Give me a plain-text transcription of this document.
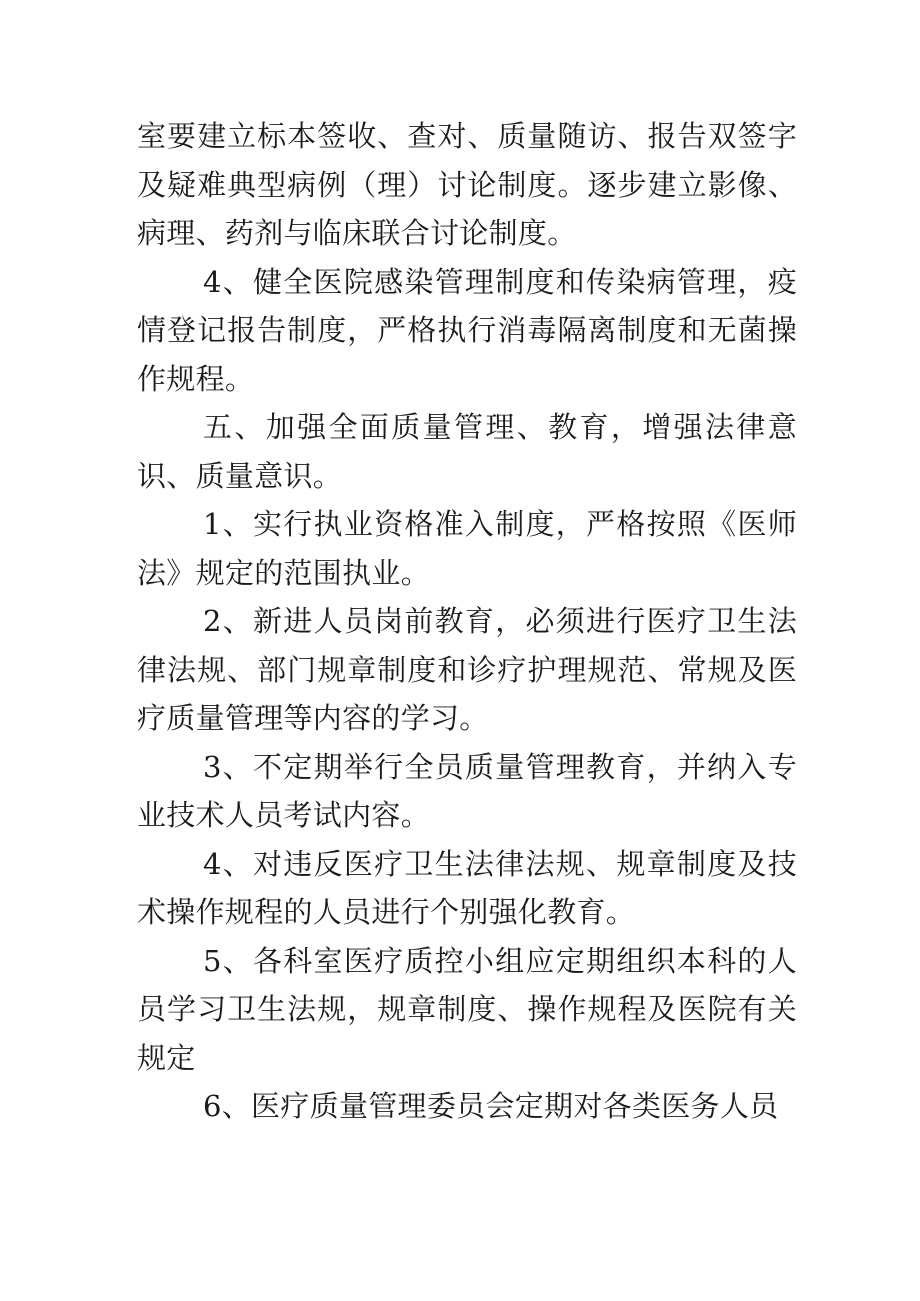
室要建立标本签收、查对、质量随访、报告双签字及疑难典型病例（理）讨论制度。逐步建立影像、病理、药剂与临床联合讨论制度。

4、健全医院感染管理制度和传染病管理，疫情登记报告制度，严格执行消毒隔离制度和无菌操作规程。

五、加强全面质量管理、教育，增强法律意识、质量意识。

1、实行执业资格准入制度，严格按照《医师法》规定的范围执业。

2、新进人员岗前教育，必须进行医疗卫生法律法规、部门规章制度和诊疗护理规范、常规及医疗质量管理等内容的学习。

3、不定期举行全员质量管理教育，并纳入专业技术人员考试内容。

4、对违反医疗卫生法律法规、规章制度及技术操作规程的人员进行个别强化教育。

5、各科室医疗质控小组应定期组织本科的人员学习卫生法规，规章制度、操作规程及医院有关规定

6、医疗质量管理委员会定期对各类医务人员
